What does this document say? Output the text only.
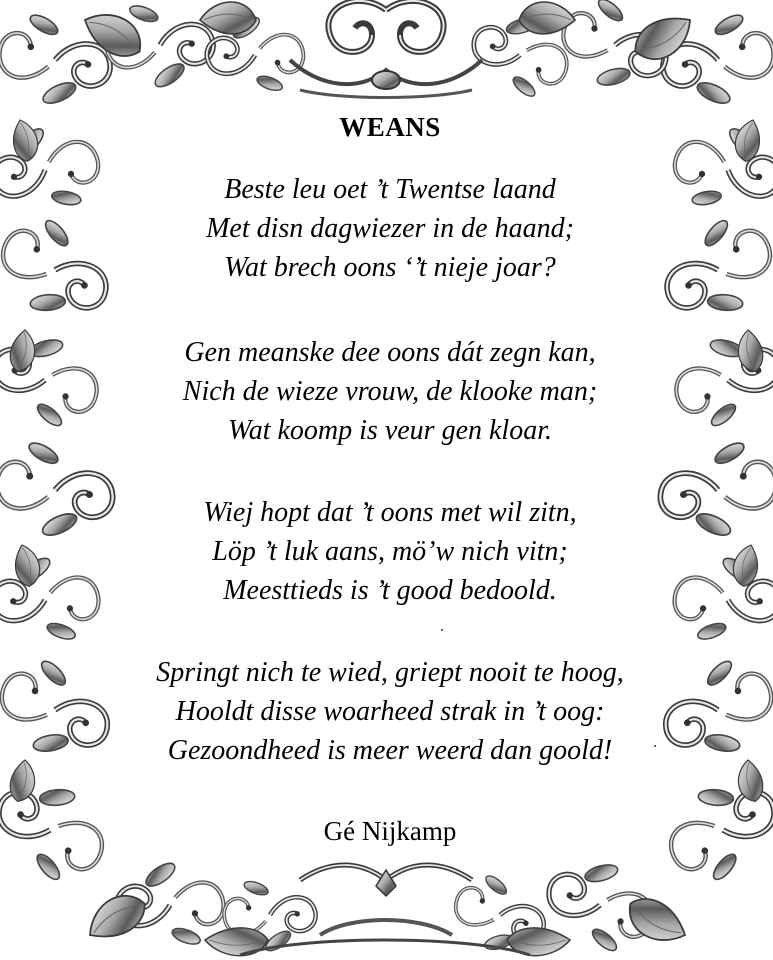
WEANS
Beste leu oet ’t Twentse laand
Met disn dagwiezer in de haand;
Wat brech oons ‘’t nieje joar?
Gen meanske dee oons dát zegn kan,
Nich de wieze vrouw, de klooke man;
Wat koomp is veur gen kloar.
Wiej hopt dat ’t oons met wil zitn,
Löp ’t luk aans, mö’w nich vitn;
Meesttieds is ’t good bedoold.
Springt nich te wied, griept nooit te hoog,
Hooldt disse woarheed strak in ’t oog:
Gezoondheed is meer weerd dan goold!
Gé Nijkamp
